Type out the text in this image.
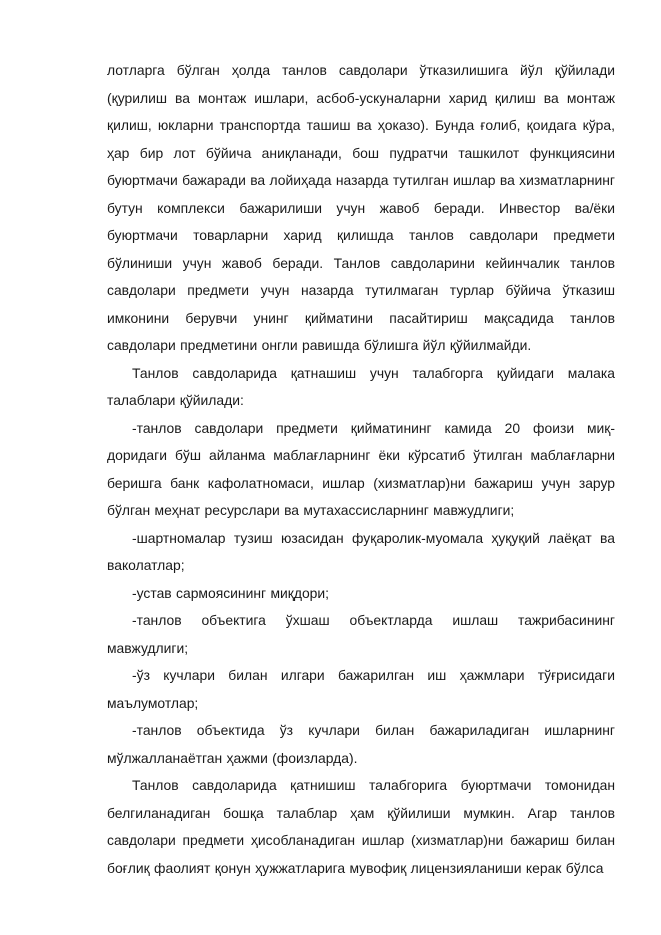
лотларга бўлган ҳолда танлов савдолари ўтказилишига йўл қўйилади (қурилиш ва монтаж ишлари, асбоб-ускуналарни харид қилиш ва монтаж қилиш, юкларни транспортда ташиш ва ҳоказо). Бунда ғолиб, қоидага кўра, ҳар бир лот бўйича аниқланади, бош пудратчи ташкилот функциясини буюртмачи бажаради ва лойиҳада назарда тутилган ишлар ва хизматларнинг бутун комплекси бажарилиши учун жавоб беради. Инвестор ва/ёки буюртмачи товарларни харид қилишда танлов савдолари предмети бўлиниши учун жавоб беради. Танлов савдоларини кейинчалик танлов савдолари предмети учун назарда тутилмаган турлар бўйича ўтказиш имконини берувчи унинг қийматини пасайтириш мақсадида танлов савдолари предметини онгли равишда бўлишга йўл қўйилмайди.

Танлов савдоларида қатнашиш учун талабгорга қуйидаги малака талаблари қўйилади:

-танлов савдолари предмети қийматининг камида 20 фоизи миқ-доридаги бўш айланма маблағларнинг ёки кўрсатиб ўтилган маблағларни беришга банк кафолатномаси, ишлар (хизматлар)ни бажариш учун зарур бўлган меҳнат ресурслари ва мутахассисларнинг мавжудлиги;

-шартномалар тузиш юзасидан фуқаролик-муомала ҳуқуқий лаёқат ва ваколатлар;

-устав сармоясининг миқдори;

-танлов объектига ўхшаш объектларда ишлаш тажрибасининг мавжудлиги;

-ўз кучлари билан илгари бажарилган иш ҳажмлари тўғрисидаги маълумотлар;

-танлов объектида ўз кучлари билан бажариладиган ишларнинг мўлжалланаётган ҳажми (фоизларда).

Танлов савдоларида қатнишиш талабгорига буюртмачи томонидан белгиланадиган бошқа талаблар ҳам қўйилиши мумкин. Агар танлов савдолари предмети ҳисобланадиган ишлар (хизматлар)ни бажариш билан боғлиқ фаолият қонун ҳужжатларига мувофиқ лицензияланиши керак бўлса
